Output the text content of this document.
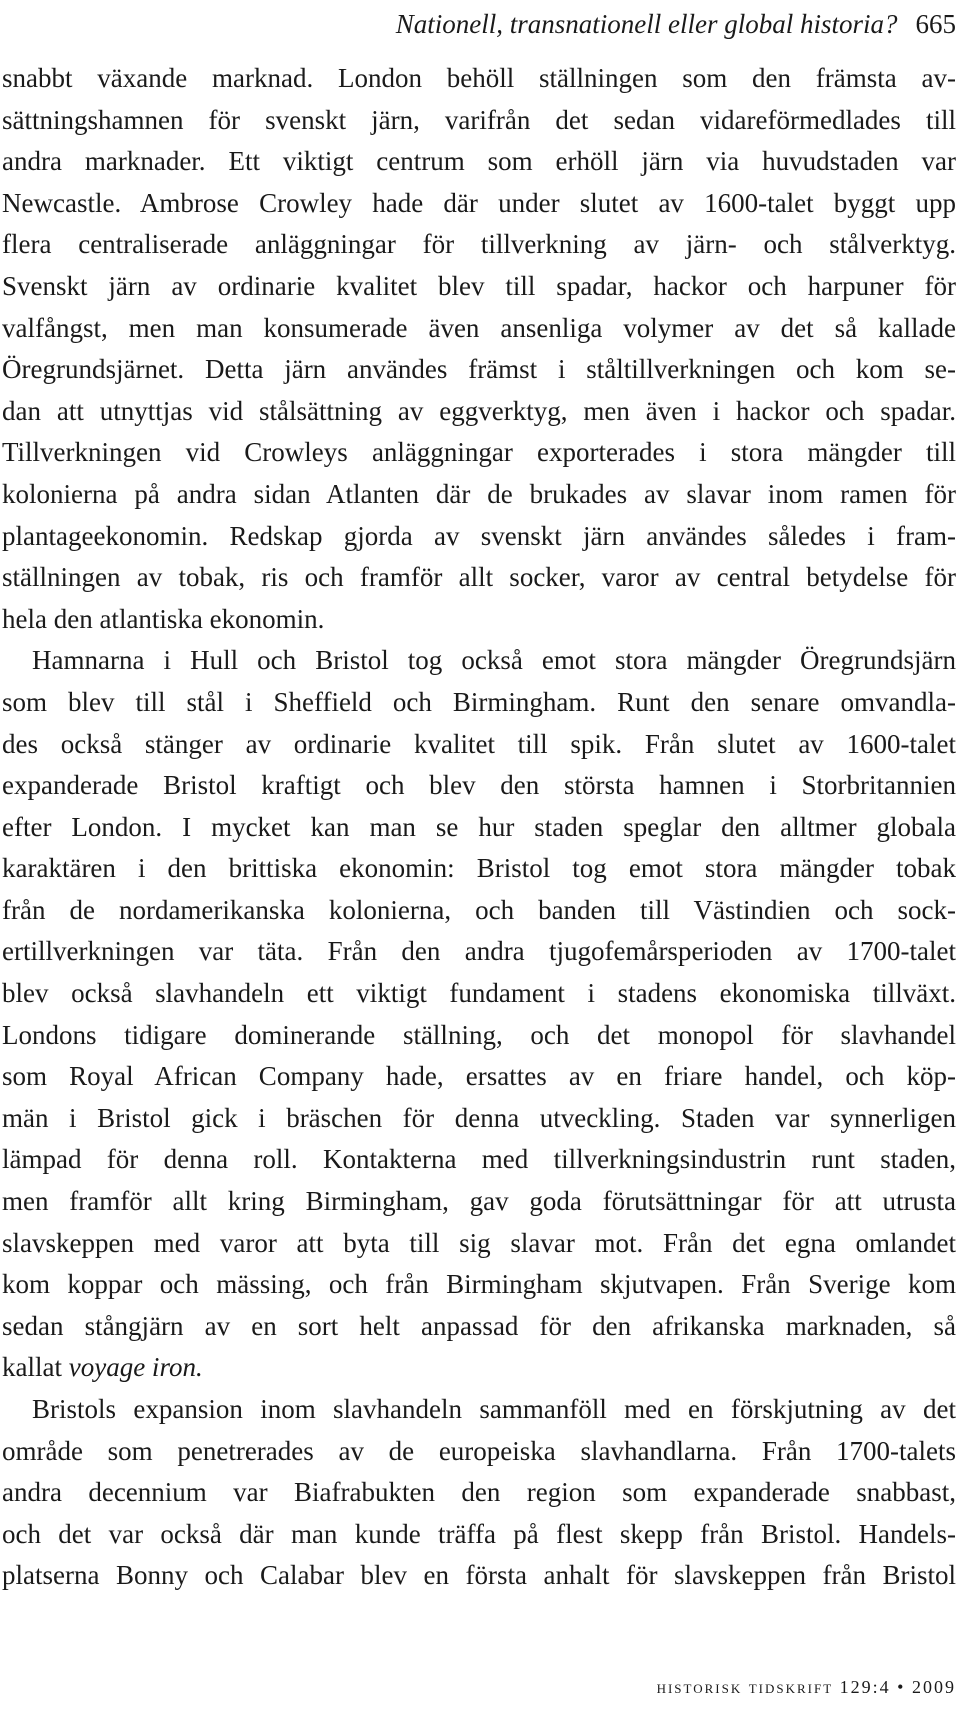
Nationell, transnationell eller global historia? 665
snabbt växande marknad. London behöll ställningen som den främsta av-
sättningshamnen för svenskt järn, varifrån det sedan vidareförmedlades till
andra marknader. Ett viktigt centrum som erhöll järn via huvudstaden var
Newcastle. Ambrose Crowley hade där under slutet av 1600-talet byggt upp
flera centraliserade anläggningar för tillverkning av järn- och stålverktyg.
Svenskt järn av ordinarie kvalitet blev till spadar, hackor och harpuner för
valfångst, men man konsumerade även ansenliga volymer av det så kallade
Öregrundsjärnet. Detta järn användes främst i ståltillverkningen och kom se-
dan att utnyttjas vid stålsättning av eggverktyg, men även i hackor och spadar.
Tillverkningen vid Crowleys anläggningar exporterades i stora mängder till
kolonierna på andra sidan Atlanten där de brukades av slavar inom ramen för
plantageekonomin. Redskap gjorda av svenskt järn användes således i fram-
ställningen av tobak, ris och framför allt socker, varor av central betydelse för
hela den atlantiska ekonomin.
Hamnarna i Hull och Bristol tog också emot stora mängder Öregrundsjärn
som blev till stål i Sheffield och Birmingham. Runt den senare omvandla-
des också stänger av ordinarie kvalitet till spik. Från slutet av 1600-talet
expanderade Bristol kraftigt och blev den största hamnen i Storbritannien
efter London. I mycket kan man se hur staden speglar den alltmer globala
karaktären i den brittiska ekonomin: Bristol tog emot stora mängder tobak
från de nordamerikanska kolonierna, och banden till Västindien och sock-
ertillverkningen var täta. Från den andra tjugofemårsperioden av 1700-talet
blev också slavhandeln ett viktigt fundament i stadens ekonomiska tillväxt.
Londons tidigare dominerande ställning, och det monopol för slavhandel
som Royal African Company hade, ersattes av en friare handel, och köp-
män i Bristol gick i bräschen för denna utveckling. Staden var synnerligen
lämpad för denna roll. Kontakterna med tillverkningsindustrin runt staden,
men framför allt kring Birmingham, gav goda förutsättningar för att utrusta
slavskeppen med varor att byta till sig slavar mot. Från det egna omlandet
kom koppar och mässing, och från Birmingham skjutvapen. Från Sverige kom
sedan stångjärn av en sort helt anpassad för den afrikanska marknaden, så
kallat voyage iron.
Bristols expansion inom slavhandeln sammanföll med en förskjutning av det
område som penetrerades av de europeiska slavhandlarna. Från 1700-talets
andra decennium var Biafrabukten den region som expanderade snabbast,
och det var också där man kunde träffa på flest skepp från Bristol. Handels-
platserna Bonny och Calabar blev en första anhalt för slavskeppen från Bristol
historisk tidskrift 129:4 • 2009
